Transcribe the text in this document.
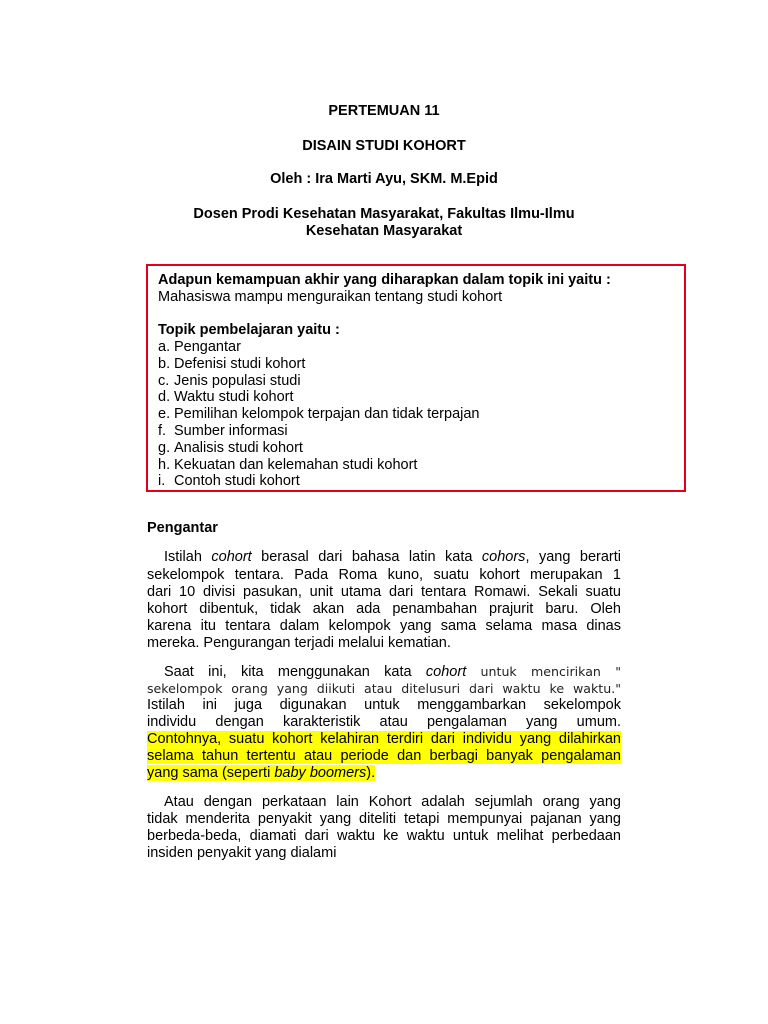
PERTEMUAN 11
DISAIN STUDI KOHORT
Oleh : Ira Marti Ayu, SKM. M.Epid
Dosen Prodi Kesehatan Masyarakat, Fakultas Ilmu-Ilmu
Kesehatan Masyarakat
Adapun kemampuan akhir yang diharapkan dalam topik ini yaitu :
Mahasiswa mampu menguraikan tentang studi kohort
Topik pembelajaran yaitu :
a. Pengantar
b. Defenisi studi kohort
c. Jenis populasi studi
d. Waktu studi kohort
e. Pemilihan kelompok terpajan dan tidak terpajan
f. Sumber informasi
g. Analisis studi kohort
h. Kekuatan dan kelemahan studi kohort
i. Contoh studi kohort
Pengantar
Istilah cohort berasal dari bahasa latin kata cohors, yang berarti
sekelompok tentara. Pada Roma kuno, suatu kohort merupakan 1
dari 10 divisi pasukan, unit utama dari tentara Romawi. Sekali suatu
kohort dibentuk, tidak akan ada penambahan prajurit baru. Oleh
karena itu tentara dalam kelompok yang sama selama masa dinas
mereka. Pengurangan terjadi melalui kematian.
Saat ini, kita menggunakan kata cohort untuk mencirikan "
sekelompok orang yang diikuti atau ditelusuri dari waktu ke waktu."
Istilah ini juga digunakan untuk menggambarkan sekelompok
individu dengan karakteristik atau pengalaman yang umum.
Contohnya, suatu kohort kelahiran terdiri dari individu yang dilahirkan
selama tahun tertentu atau periode dan berbagi banyak pengalaman
yang sama (seperti baby boomers).
Atau dengan perkataan lain Kohort adalah sejumlah orang yang
tidak menderita penyakit yang diteliti tetapi mempunyai pajanan yang
berbeda-beda, diamati dari waktu ke waktu untuk melihat perbedaan
insiden penyakit yang dialami
